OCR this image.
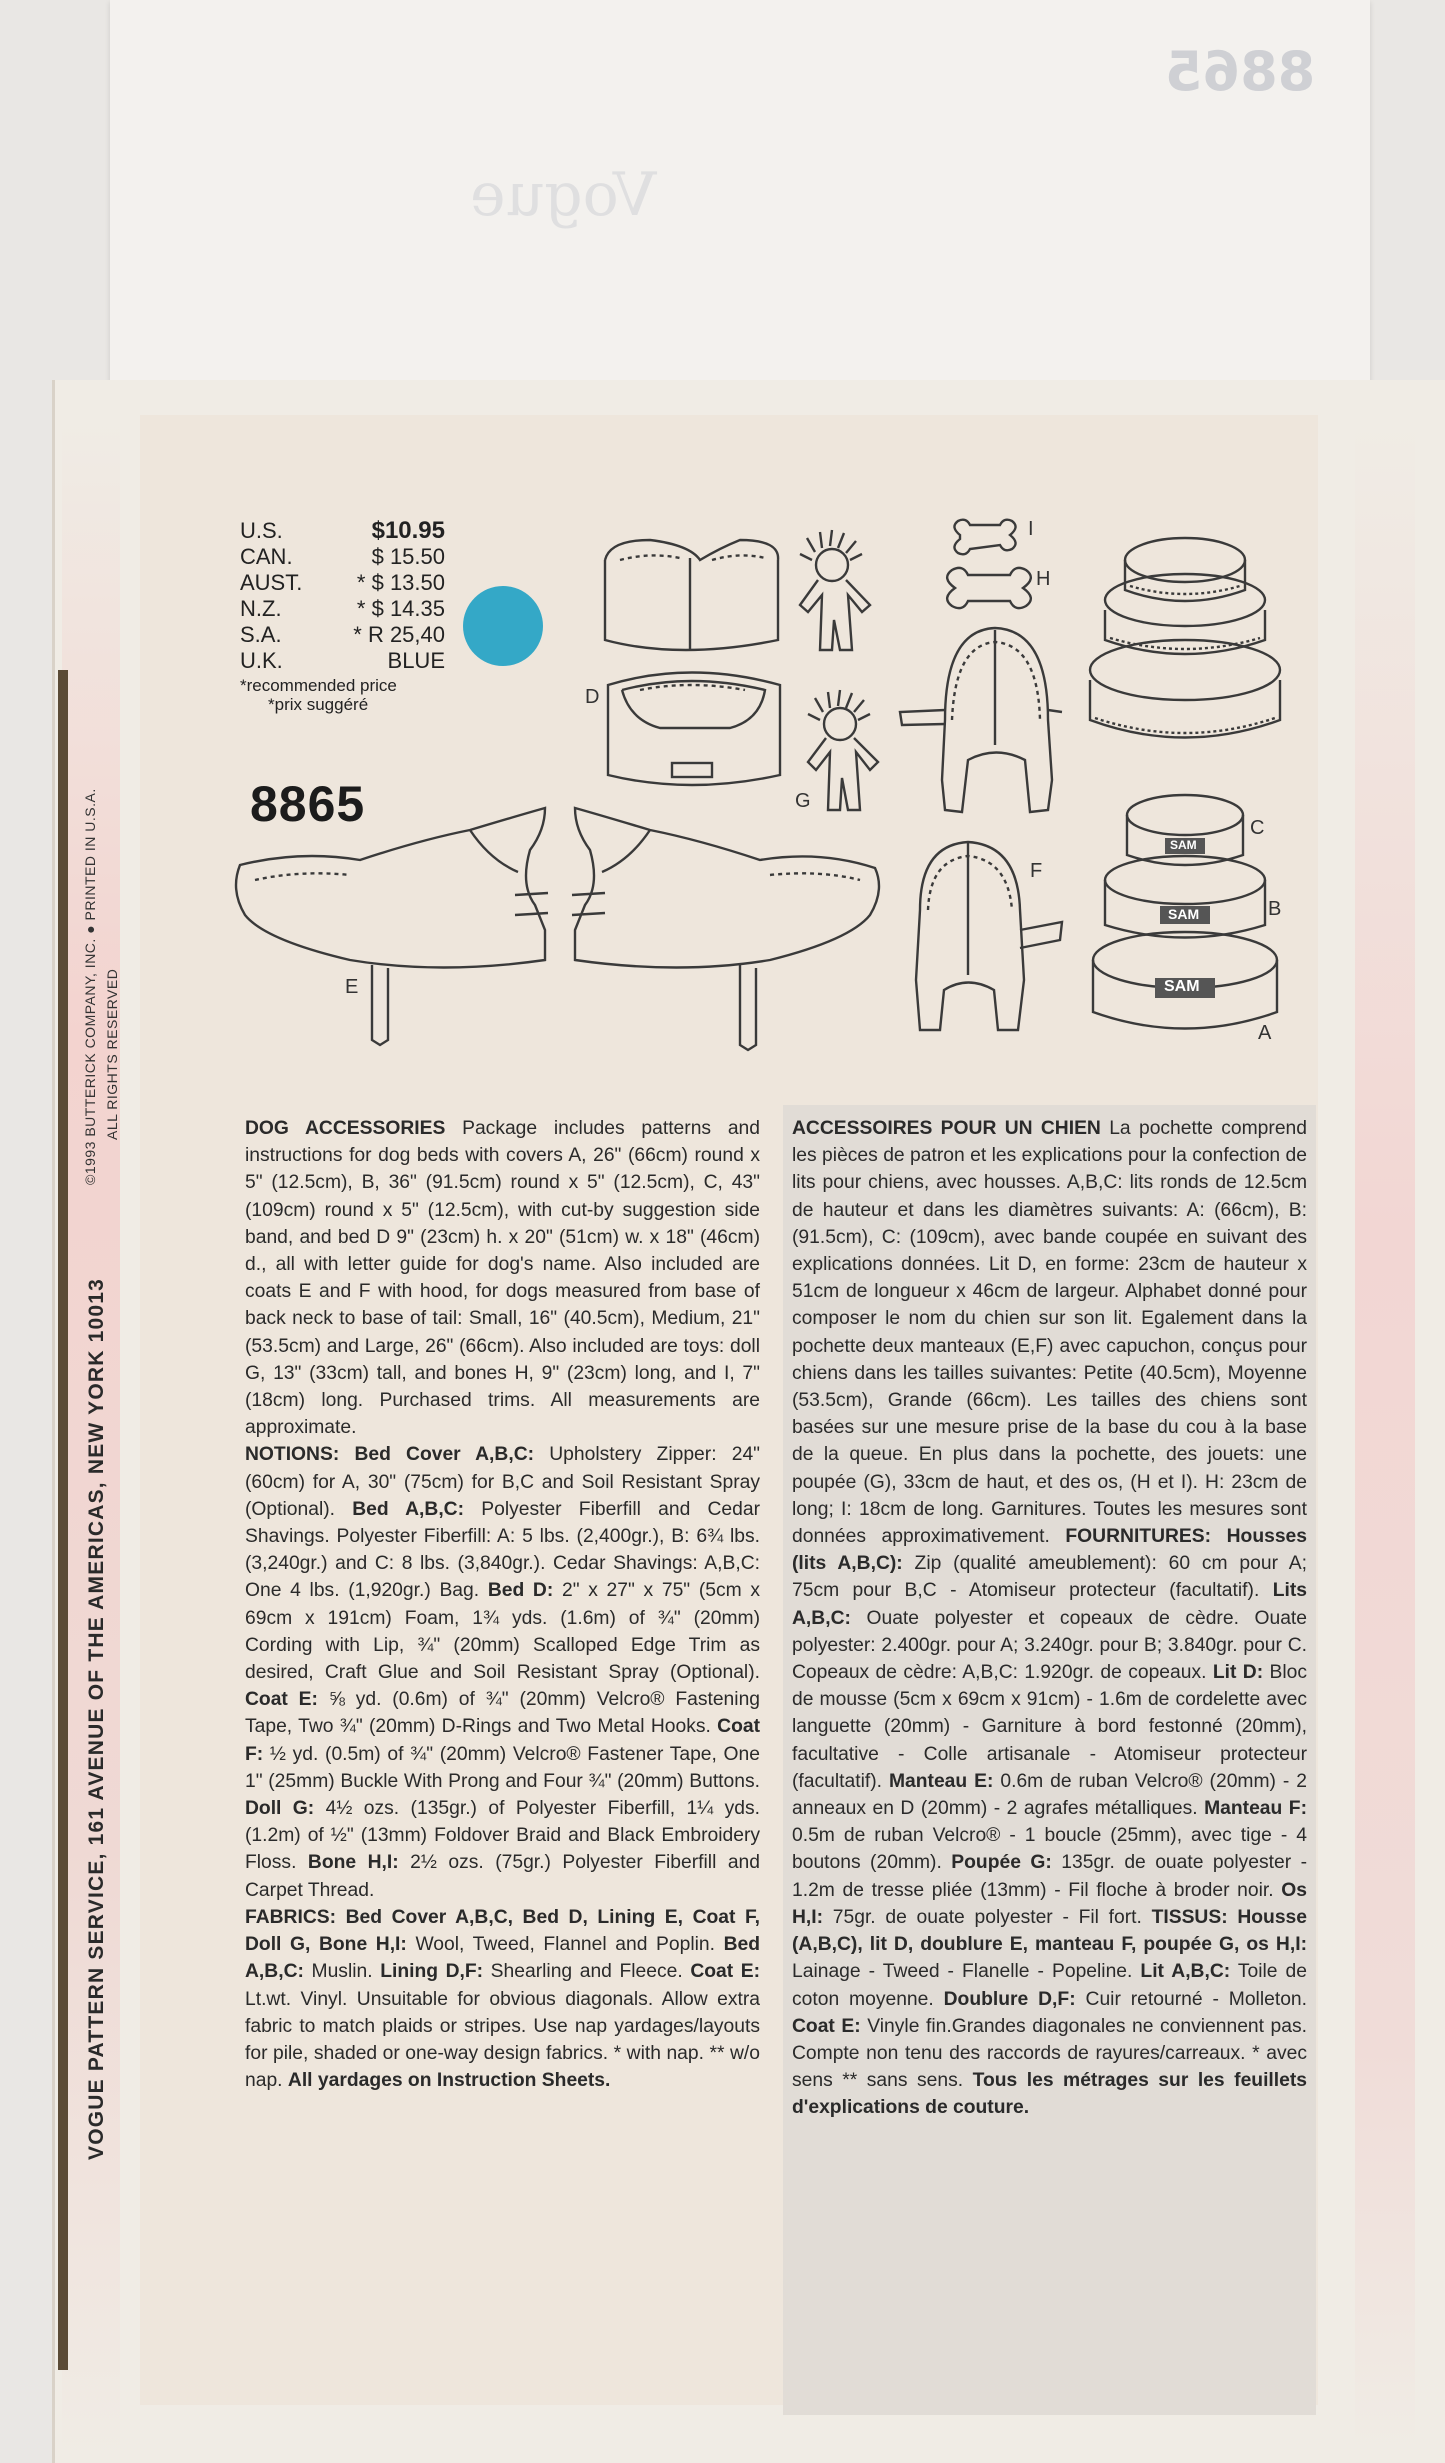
8865
Vogue
VOGUE PATTERN SERVICE, 161 AVENUE OF THE AMERICAS, NEW YORK 10013
©1993 BUTTERICK COMPANY, INC. ● PRINTED IN U.S.A. ALL RIGHTS RESERVED
U.S.	$10.95
CAN.	$ 15.50
AUST.	* $ 13.50
N.Z.	* $ 14.35
S.A.	* R 25,40
U.K.	BLUE
*recommended price
*prix suggéré
8865
I
H
D
G
F
E
C
B
A
SAM
SAM
SAM

DOG ACCESSORIES Package includes patterns and instructions for dog beds with covers A, 26" (66cm) round x 5" (12.5cm), B, 36" (91.5cm) round x 5" (12.5cm), C, 43" (109cm) round x 5" (12.5cm), with cut-by suggestion side band, and bed D 9" (23cm) h. x 20" (51cm) w. x 18" (46cm) d., all with letter guide for dog's name. Also included are coats E and F with hood, for dogs measured from base of back neck to base of tail: Small, 16" (40.5cm), Medium, 21" (53.5cm) and Large, 26" (66cm). Also included are toys: doll G, 13" (33cm) tall, and bones H, 9" (23cm) long, and I, 7" (18cm) long. Purchased trims. All measurements are approximate.

NOTIONS: Bed Cover A,B,C: Upholstery Zipper: 24" (60cm) for A, 30" (75cm) for B,C and Soil Resistant Spray (Optional). Bed A,B,C: Polyester Fiberfill and Cedar Shavings. Polyester Fiberfill: A: 5 lbs. (2,400gr.), B: 6¾ lbs. (3,240gr.) and C: 8 lbs. (3,840gr.). Cedar Shavings: A,B,C: One 4 lbs. (1,920gr.) Bag. Bed D: 2" x 27" x 75" (5cm x 69cm x 191cm) Foam, 1¾ yds. (1.6m) of ¾" (20mm) Cording with Lip, ¾" (20mm) Scalloped Edge Trim as desired, Craft Glue and Soil Resistant Spray (Optional). Coat E: ⅝ yd. (0.6m) of ¾" (20mm) Velcro® Fastening Tape, Two ¾" (20mm) D-Rings and Two Metal Hooks. Coat F: ½ yd. (0.5m) of ¾" (20mm) Velcro® Fastener Tape, One 1" (25mm) Buckle With Prong and Four ¾" (20mm) Buttons. Doll G: 4½ ozs. (135gr.) of Polyester Fiberfill, 1¼ yds. (1.2m) of ½" (13mm) Foldover Braid and Black Embroidery Floss. Bone H,I: 2½ ozs. (75gr.) Polyester Fiberfill and Carpet Thread.

FABRICS: Bed Cover A,B,C, Bed D, Lining E, Coat F, Doll G, Bone H,I: Wool, Tweed, Flannel and Poplin. Bed A,B,C: Muslin. Lining D,F: Shearling and Fleece. Coat E: Lt.wt. Vinyl. Unsuitable for obvious diagonals. Allow extra fabric to match plaids or stripes. Use nap yardages/layouts for pile, shaded or one-way design fabrics. * with nap. ** w/o nap. All yardages on Instruction Sheets.

ACCESSOIRES POUR UN CHIEN La pochette comprend les pièces de patron et les explications pour la confection de lits pour chiens, avec housses. A,B,C: lits ronds de 12.5cm de hauteur et dans les diamètres suivants: A: (66cm), B: (91.5cm), C: (109cm), avec bande coupée en suivant des explications données. Lit D, en forme: 23cm de hauteur x 51cm de longueur x 46cm de largeur. Alphabet donné pour composer le nom du chien sur son lit. Egalement dans la pochette deux manteaux (E,F) avec capuchon, conçus pour chiens dans les tailles suivantes: Petite (40.5cm), Moyenne (53.5cm), Grande (66cm). Les tailles des chiens sont basées sur une mesure prise de la base du cou à la base de la queue. En plus dans la pochette, des jouets: une poupée (G), 33cm de haut, et des os, (H et I). H: 23cm de long; I: 18cm de long. Garnitures. Toutes les mesures sont données approximativement. FOURNITURES: Housses (lits A,B,C): Zip (qualité ameublement): 60 cm pour A; 75cm pour B,C - Atomiseur protecteur (facultatif). Lits A,B,C: Ouate polyester et copeaux de cèdre. Ouate polyester: 2.400gr. pour A; 3.240gr. pour B; 3.840gr. pour C. Copeaux de cèdre: A,B,C: 1.920gr. de copeaux. Lit D: Bloc de mousse (5cm x 69cm x 91cm) - 1.6m de cordelette avec languette (20mm) - Garniture à bord festonné (20mm), facultative - Colle artisanale - Atomiseur protecteur (facultatif). Manteau E: 0.6m de ruban Velcro® (20mm) - 2 anneaux en D (20mm) - 2 agrafes métalliques. Manteau F: 0.5m de ruban Velcro® - 1 boucle (25mm), avec tige - 4 boutons (20mm). Poupée G: 135gr. de ouate polyester - 1.2m de tresse pliée (13mm) - Fil floche à broder noir. Os H,I: 75gr. de ouate polyester - Fil fort. TISSUS: Housse (A,B,C), lit D, doublure E, manteau F, poupée G, os H,I: Lainage - Tweed - Flanelle - Popeline. Lit A,B,C: Toile de coton moyenne. Doublure D,F: Cuir retourné - Molleton. Coat E: Vinyle fin.Grandes diagonales ne conviennent pas. Compte non tenu des raccords de rayures/carreaux. * avec sens ** sans sens. Tous les métrages sur les feuillets d'explications de couture.
